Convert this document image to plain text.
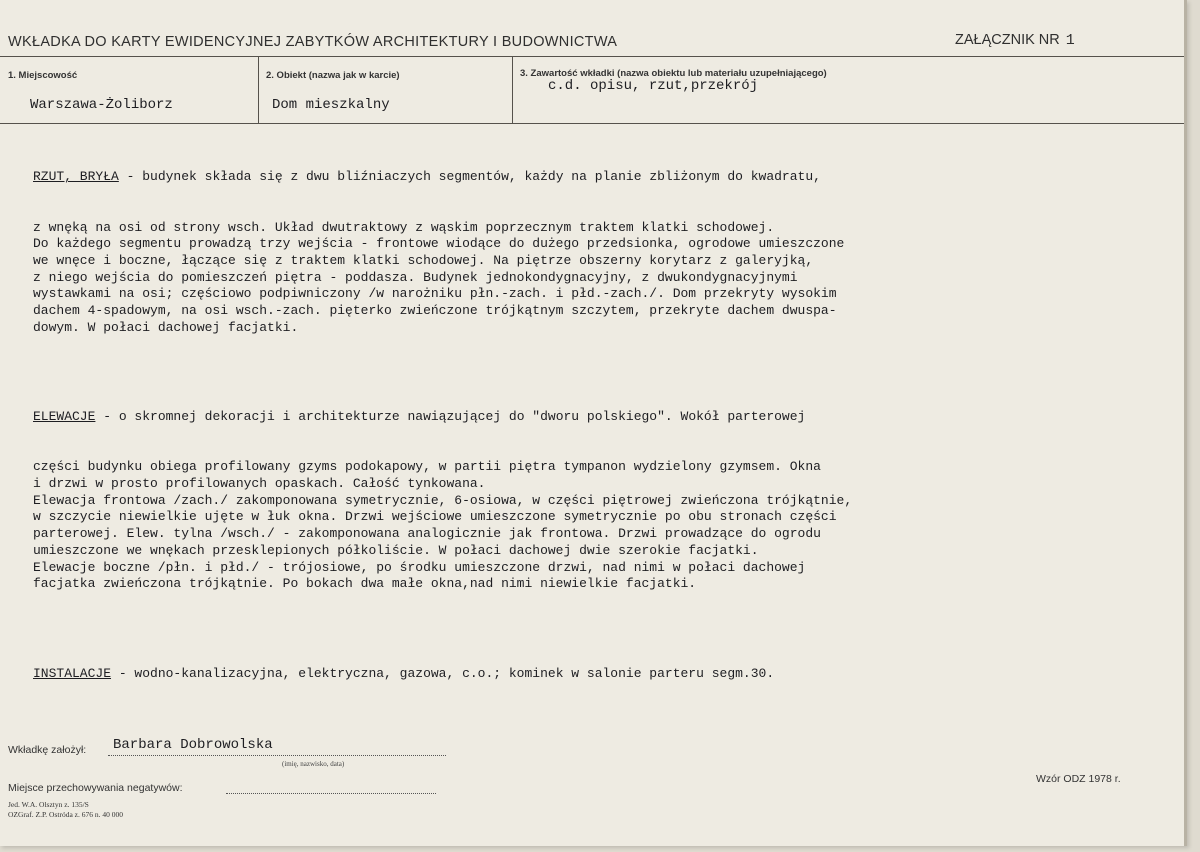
WKŁADKA DO KARTY EWIDENCYJNEJ ZABYTKÓW ARCHITEKTURY I BUDOWNICTWA	ZAŁĄCZNIK NR 1
1. Miejscowość
Warszawa-Żoliborz
2. Obiekt (nazwa jak w karcie)
Dom mieszkalny
3. Zawartość wkładki (nazwa obiektu lub materiału uzupełniającego)
c.d. opisu, rzut,przekrój

RZUT, BRYŁA - budynek składa się z dwu bliźniaczych segmentów, każdy na planie zbliżonym do kwadratu,

z wnęką na osi od strony wsch. Układ dwutraktowy z wąskim poprzecznym traktem klatki schodowej.
Do każdego segmentu prowadzą trzy wejścia - frontowe wiodące do dużego przedsionka, ogrodowe umieszczone
we wnęce i boczne, łączące się z traktem klatki schodowej. Na piętrze obszerny korytarz z galeryjką,
z niego wejścia do pomieszczeń piętra - poddasza. Budynek jednokondygnacyjny, z dwukondygnacyjnymi
wystawkami na osi; częściowo podpiwniczony /w narożniku płn.-zach. i płd.-zach./. Dom przekryty wysokim
dachem 4-spadowym, na osi wsch.-zach. pięterko zwieńczone trójkątnym szczytem, przekryte dachem dwuspa-
dowym. W połaci dachowej facjatki.

ELEWACJE - o skromnej dekoracji i architekturze nawiązującej do "dworu polskiego". Wokół parterowej

części budynku obiega profilowany gzyms podokapowy, w partii piętra tympanon wydzielony gzymsem. Okna
i drzwi w prosto profilowanych opaskach. Całość tynkowana.
Elewacja frontowa /zach./ zakomponowana symetrycznie, 6-osiowa, w części piętrowej zwieńczona trójkątnie,
w szczycie niewielkie ujęte w łuk okna. Drzwi wejściowe umieszczone symetrycznie po obu stronach części
parterowej. Elew. tylna /wsch./ - zakomponowana analogicznie jak frontowa. Drzwi prowadzące do ogrodu
umieszczone we wnękach przesklepionych półkoliście. W połaci dachowej dwie szerokie facjatki.
Elewacje boczne /płn. i płd./ - trójosiowe, po środku umieszczone drzwi, nad nimi w połaci dachowej
facjatka zwieńczona trójkątnie. Po bokach dwa małe okna,nad nimi niewielkie facjatki.

INSTALACJE - wodno-kanalizacyjna, elektryczna, gazowa, c.o.; kominek w salonie parteru segm.30.

Wkładkę założył: Barbara Dobrowolska
(imię, nazwisko, data)
Miejsce przechowywania negatywów:
Wzór ODZ 1978 r.
Jed. W.A. Olsztyn z. 135/S
OZGraf. Z.P. Ostróda z. 676 n. 40 000
